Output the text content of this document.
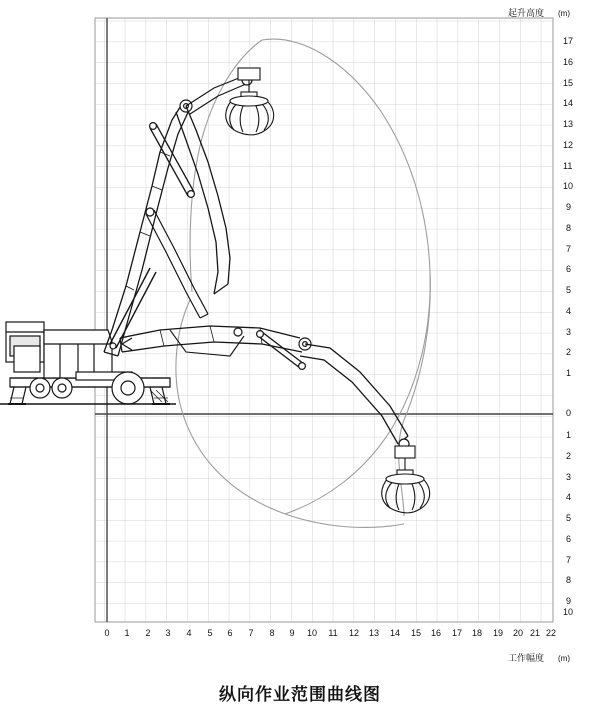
起升高度 (m)
工作幅度 (m)
0	1	2	3	4	5	6	7	8	9	10 11 12 13 14 15 16 17 18 19 20 21 22
17
16
15
14
13
12
11
10
9
8
7
6
5
4
3
2
1
0
1
2
3
4
5
6
7
8
9
10
纵向作业范围曲线图
